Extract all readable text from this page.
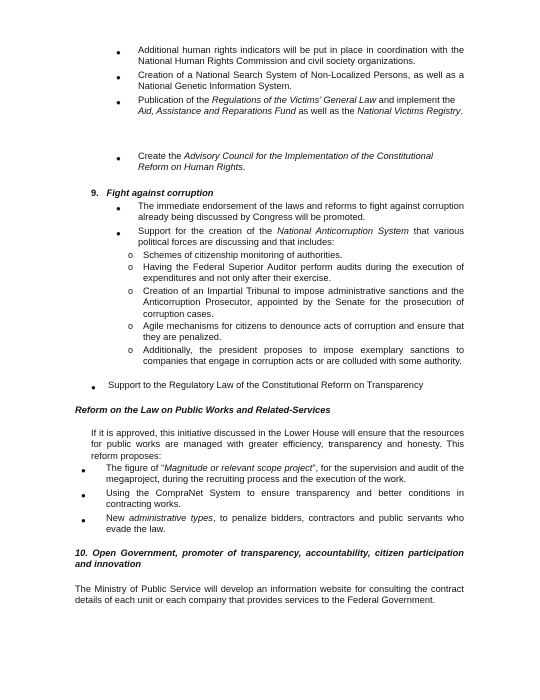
● Additional human rights indicators will be put in place in coordination with the National Human Rights Commission and civil society organizations.
● Creation of a National Search System of Non-Localized Persons, as well as a National Genetic Information System.
● Publication of the Regulations of the Victims’ General Law and implement the Aid, Assistance and Reparations Fund as well as the National Victims Registry.
● Create the Advisory Council for the Implementation of the Constitutional Reform on Human Rights.
9. Fight against corruption
● The immediate endorsement of the laws and reforms to fight against corruption already being discussed by Congress will be promoted.
● Support for the creation of the National Anticorruption System that various political forces are discussing and that includes:
o Schemes of citizenship monitoring of authorities.
o Having the Federal Superior Auditor perform audits during the execution of expenditures and not only after their exercise.
o Creation of an Impartial Tribunal to impose administrative sanctions and the Anticorruption Prosecutor, appointed by the Senate for the prosecution of corruption cases.
o Agile mechanisms for citizens to denounce acts of corruption and ensure that they are penalized.
o Additionally, the president proposes to impose exemplary sanctions to companies that engage in corruption acts or are colluded with some authority.
● Support to the Regulatory Law of the Constitutional Reform on Transparency
Reform on the Law on Public Works and Related-Services
If it is approved, this initiative discussed in the Lower House will ensure that the resources for public works are managed with greater efficiency, transparency and honesty. This reform proposes:
● The figure of “Magnitude or relevant scope project”, for the supervision and audit of the megaproject, during the recruiting process and the execution of the work.
● Using the CompraNet System to ensure transparency and better conditions in contracting works.
● New administrative types, to penalize bidders, contractors and public servants who evade the law.
10. Open Government, promoter of transparency, accountability, citizen participation and innovation
The Ministry of Public Service will develop an information website for consulting the contract details of each unit or each company that provides services to the Federal Government.
